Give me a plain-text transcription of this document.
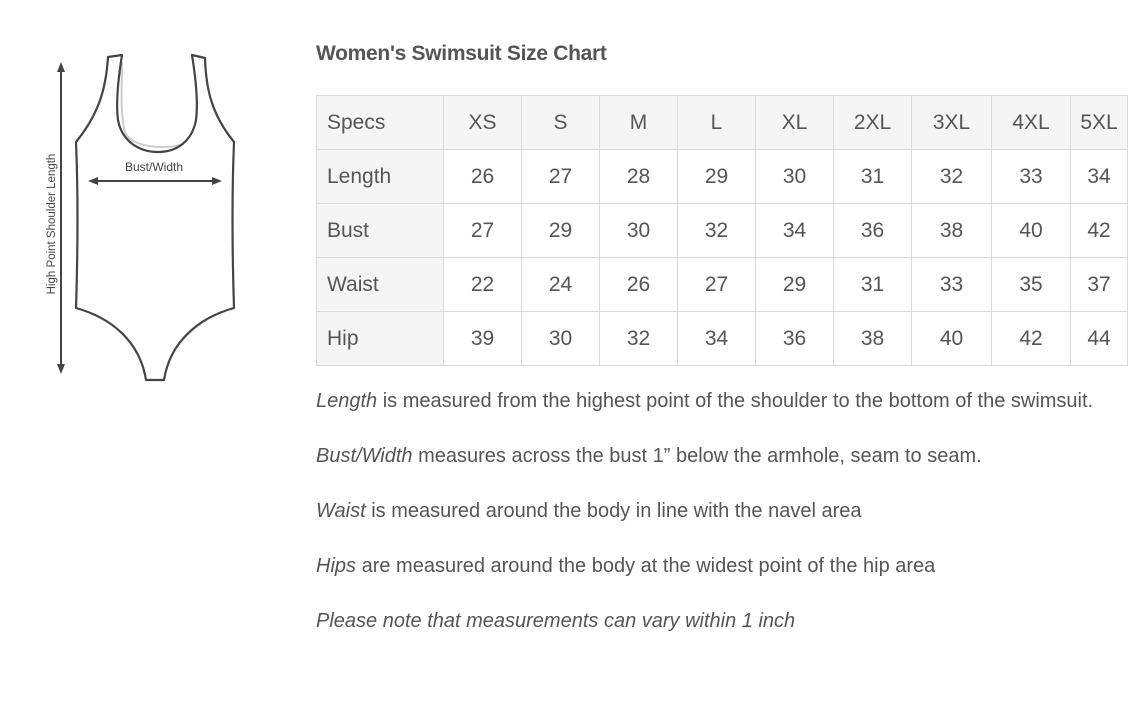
High Point Shoulder Length	Bust/Width
Women's Swimsuit Size Chart
Specs	XS	S	M	L	XL	2XL	3XL	4XL	5XL
Length	26	27	28	29	30	31	32	33	34
Bust	27	29	30	32	34	36	38	40	42
Waist	22	24	26	27	29	31	33	35	37
Hip	39	30	32	34	36	38	40	42	44

Length is measured from the highest point of the shoulder to the bottom of the swimsuit.

Bust/Width measures across the bust 1” below the armhole, seam to seam.

Waist is measured around the body in line with the navel area

Hips are measured around the body at the widest point of the hip area

Please note that measurements can vary within 1 inch
